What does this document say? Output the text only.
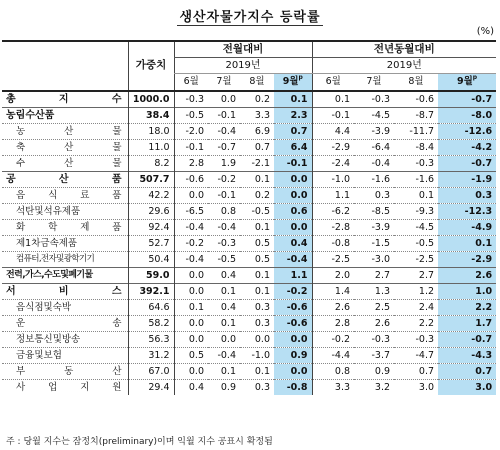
생산자물가지수 등락률
(%)
	가중치	전월대비				전년동월대비			
		2019년				2019년			
		6월	7월	8월	9월$^p$	6월	7월	8월	9월$^p$
총 지 수	1000.0	-0.3	0.0	0.2	0.1	0.1	-0.3	-0.6	-0.7
농림수산품	38.4	-0.5	-0.1	3.3	2.3	-0.1	-4.5	-8.7	-8.0
농 산 물	18.0	-2.0	-0.4	6.9	0.7	4.4	-3.9	-11.7	-12.6
축 산 물	11.0	-0.1	-0.7	0.7	6.4	-2.9	-6.4	-8.4	-4.2
수 산 물	8.2	2.8	1.9	-2.1	-0.1	-2.4	-0.4	-0.3	-0.7
공 산 품	507.7	-0.6	-0.2	0.1	0.0	-1.0	-1.6	-1.6	-1.9
음 식 료 품	42.2	0.0	-0.1	0.2	0.0	1.1	0.3	0.1	0.3
석탄및석유제품	29.6	-6.5	0.8	-0.5	0.6	-6.2	-8.5	-9.3	-12.3
화 학 제 품	92.4	-0.4	-0.4	0.1	0.0	-2.8	-3.9	-4.5	-4.9
제1차금속제품	52.7	-0.2	-0.3	0.5	0.4	-0.8	-1.5	-0.5	0.1
컴퓨터,전자및광학기기	50.4	-0.4	-0.5	0.5	-0.4	-2.5	-3.0	-2.5	-2.9
전력,가스,수도및폐기물	59.0	0.0	0.4	0.1	1.1	2.0	2.7	2.7	2.6
서 비 스	392.1	0.0	0.1	0.1	-0.2	1.4	1.3	1.2	1.0
음식점및숙박	64.6	0.1	0.4	0.3	-0.6	2.6	2.5	2.4	2.2
운 송	58.2	0.0	0.1	0.3	-0.6	2.8	2.6	2.2	1.7
정보통신및방송	56.3	0.0	0.0	0.0	0.0	-0.2	-0.3	-0.3	-0.7
금융및보험	31.2	0.5	-0.4	-1.0	0.9	-4.4	-3.7	-4.7	-4.3
부 동 산	67.0	0.0	0.1	0.1	0.0	0.8	0.9	0.7	0.7
사 업 지 원	29.4	0.4	0.9	0.3	-0.8	3.3	3.2	3.0	3.0
주 : 당월 지수는 잠정치(preliminary)이며 익월 지수 공표시 확정됨
